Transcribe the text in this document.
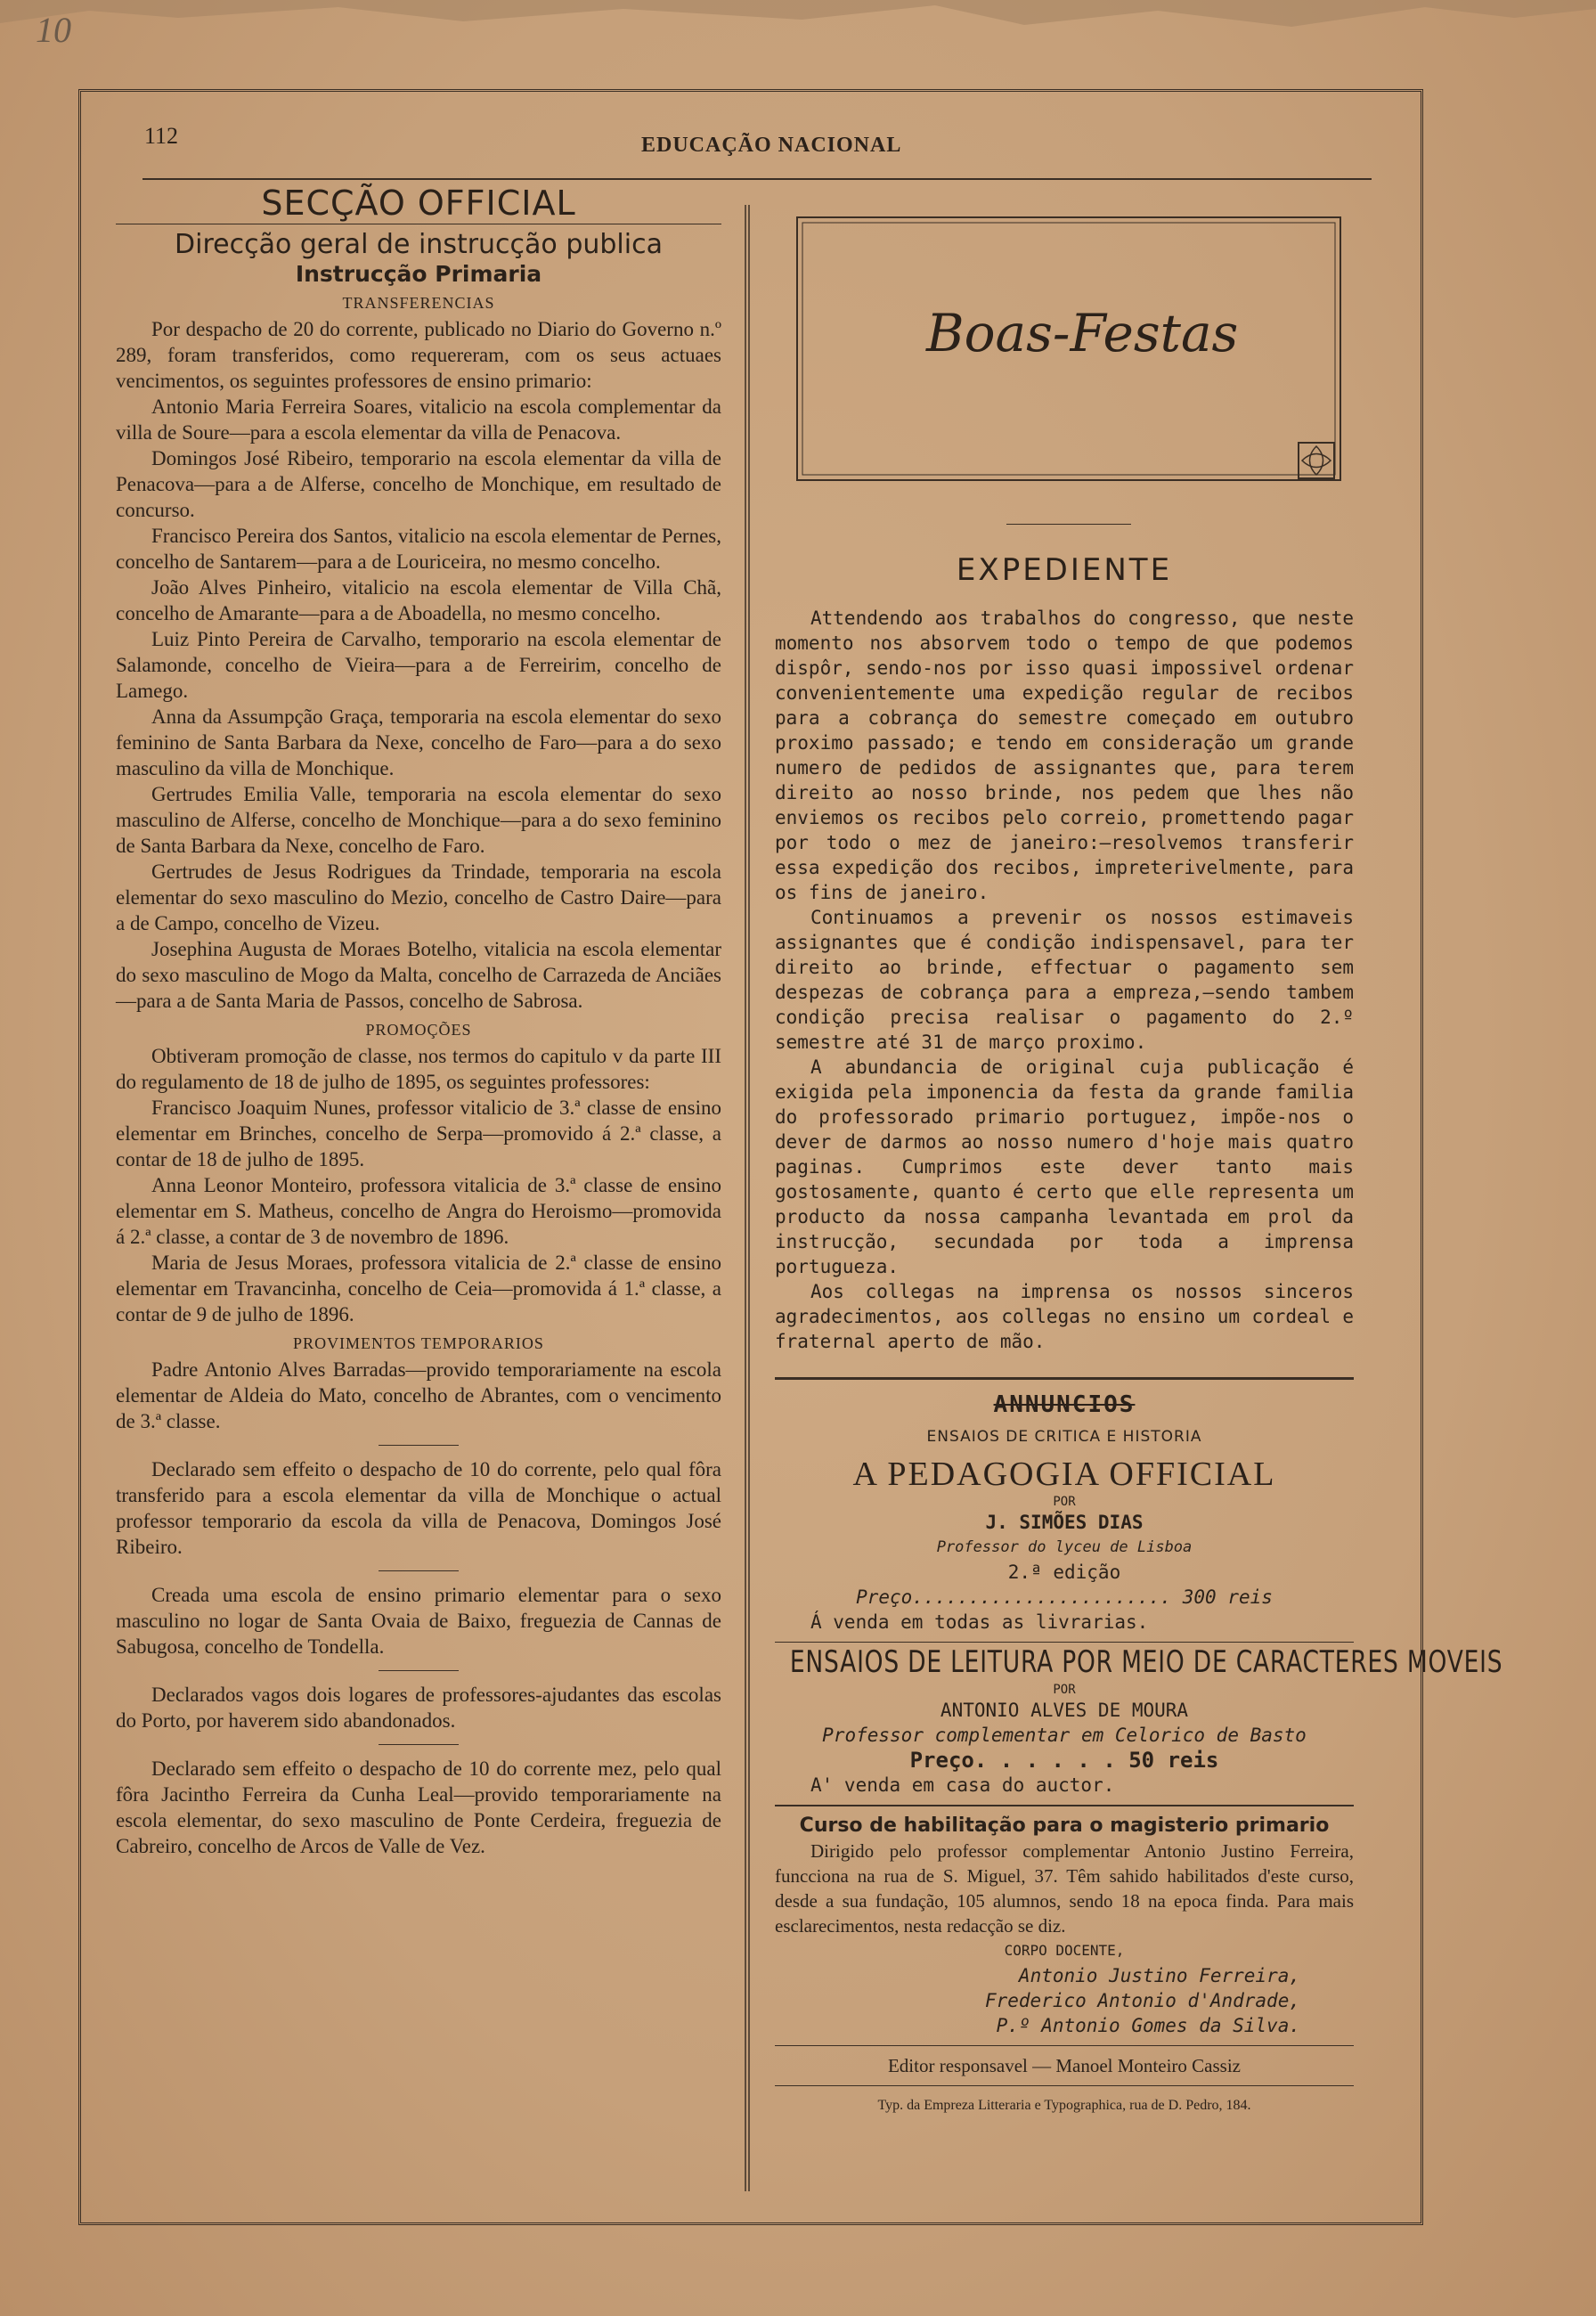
10
112	EDUCAÇÃO NACIONAL
SECÇÃO OFFICIAL
Direcção geral de instrucção publica
Instrucção Primaria
TRANSFERENCIAS

Por despacho de 20 do corrente, publicado no Diario do Governo n.º 289, foram transferidos, como requereram, com os seus actuaes vencimentos, os seguintes professores de ensino primario:

Antonio Maria Ferreira Soares, vitalicio na escola complementar da villa de Soure—para a escola elementar da villa de Penacova.

Domingos José Ribeiro, temporario na escola elementar da villa de Penacova—para a de Alferse, concelho de Monchique, em resultado de concurso.

Francisco Pereira dos Santos, vitalicio na escola elementar de Pernes, concelho de Santarem—para a de Louriceira, no mesmo concelho.

João Alves Pinheiro, vitalicio na escola elementar de Villa Chã, concelho de Amarante—para a de Aboadella, no mesmo concelho.

Luiz Pinto Pereira de Carvalho, temporario na escola elementar de Salamonde, concelho de Vieira—para a de Ferreirim, concelho de Lamego.

Anna da Assumpção Graça, temporaria na escola elementar do sexo feminino de Santa Barbara da Nexe, concelho de Faro—para a do sexo masculino da villa de Monchique.

Gertrudes Emilia Valle, temporaria na escola elementar do sexo masculino de Alferse, concelho de Monchique—para a do sexo feminino de Santa Barbara da Nexe, concelho de Faro.

Gertrudes de Jesus Rodrigues da Trindade, temporaria na escola elementar do sexo masculino do Mezio, concelho de Castro Daire—para a de Campo, concelho de Vizeu.

Josephina Augusta de Moraes Botelho, vitalicia na escola elementar do sexo masculino de Mogo da Malta, concelho de Carrazeda de Anciães—para a de Santa Maria de Passos, concelho de Sabrosa.

PROMOÇÕES

Obtiveram promoção de classe, nos termos do capitulo v da parte III do regulamento de 18 de julho de 1895, os seguintes professores:

Francisco Joaquim Nunes, professor vitalicio de 3.ª classe de ensino elementar em Brinches, concelho de Serpa—promovido á 2.ª classe, a contar de 18 de julho de 1895.

Anna Leonor Monteiro, professora vitalicia de 3.ª classe de ensino elementar em S. Matheus, concelho de Angra do Heroismo—promovida á 2.ª classe, a contar de 3 de novembro de 1896.

Maria de Jesus Moraes, professora vitalicia de 2.ª classe de ensino elementar em Travancinha, concelho de Ceia—promovida á 1.ª classe, a contar de 9 de julho de 1896.

PROVIMENTOS TEMPORARIOS

Padre Antonio Alves Barradas—provido temporariamente na escola elementar de Aldeia do Mato, concelho de Abrantes, com o vencimento de 3.ª classe.

Declarado sem effeito o despacho de 10 do corrente, pelo qual fôra transferido para a escola elementar da villa de Monchique o actual professor temporario da escola da villa de Penacova, Domingos José Ribeiro.

Creada uma escola de ensino primario elementar para o sexo masculino no logar de Santa Ovaia de Baixo, freguezia de Cannas de Sabugosa, concelho de Tondella.

Declarados vagos dois logares de professores-ajudantes das escolas do Porto, por haverem sido abandonados.

Declarado sem effeito o despacho de 10 do corrente mez, pelo qual fôra Jacintho Ferreira da Cunha Leal—provido temporariamente na escola elementar, do sexo masculino de Ponte Cerdeira, freguezia de Cabreiro, concelho de Arcos de Valle de Vez.

Boas-Festas
EXPEDIENTE

Attendendo aos trabalhos do congresso, que neste momento nos absorvem todo o tempo de que podemos dispôr, sendo-nos por isso quasi impossivel ordenar convenientemente uma expedição regular de recibos para a cobrança do semestre começado em outubro proximo passado; e tendo em consideração um grande numero de pedidos de assignantes que, para terem direito ao nosso brinde, nos pedem que lhes não enviemos os recibos pelo correio, promettendo pagar por todo o mez de janeiro:—resolvemos transferir essa expedição dos recibos, impreterivelmente, para os fins de janeiro.

Continuamos a prevenir os nossos estimaveis assignantes que é condição indispensavel, para ter direito ao brinde, effectuar o pagamento sem despezas de cobrança para a empreza,—sendo tambem condição precisa realisar o pagamento do 2.º semestre até 31 de março proximo.

A abundancia de original cuja publicação é exigida pela imponencia da festa da grande familia do professorado primario portuguez, impõe-nos o dever de darmos ao nosso numero d'hoje mais quatro paginas. Cumprimos este dever tanto mais gostosamente, quanto é certo que elle representa um producto da nossa campanha levantada em prol da instrucção, secundada por toda a imprensa portugueza.

Aos collegas na imprensa os nossos sinceros agradecimentos, aos collegas no ensino um cordeal e fraternal aperto de mão.

ANNUNCIOS
ENSAIOS DE CRITICA E HISTORIA
A PEDAGOGIA OFFICIAL

POR

J. SIMÕES DIAS

Professor do lyceu de Lisboa

2.ª edição

Preço....................... 300 reis

Á venda em todas as livrarias.

ENSAIOS DE LEITURA POR MEIO DE CARACTERES MOVEIS

POR

ANTONIO ALVES DE MOURA

Professor complementar em Celorico de Basto

Preço. . . . . . 50 reis

A' venda em casa do auctor.

Curso de habilitação para o magisterio primario

Dirigido pelo professor complementar Antonio Justino Ferreira, funcciona na rua de S. Miguel, 37. Têm sahido habilitados d'este curso, desde a sua fundação, 105 alumnos, sendo 18 na epoca finda. Para mais esclarecimentos, nesta redacção se diz.

CORPO DOCENTE,

Antonio Justino Ferreira,

Frederico Antonio d'Andrade,

P.º Antonio Gomes da Silva.

Editor responsavel — Manoel Monteiro Cassiz

Typ. da Empreza Litteraria e Typographica, rua de D. Pedro, 184.
